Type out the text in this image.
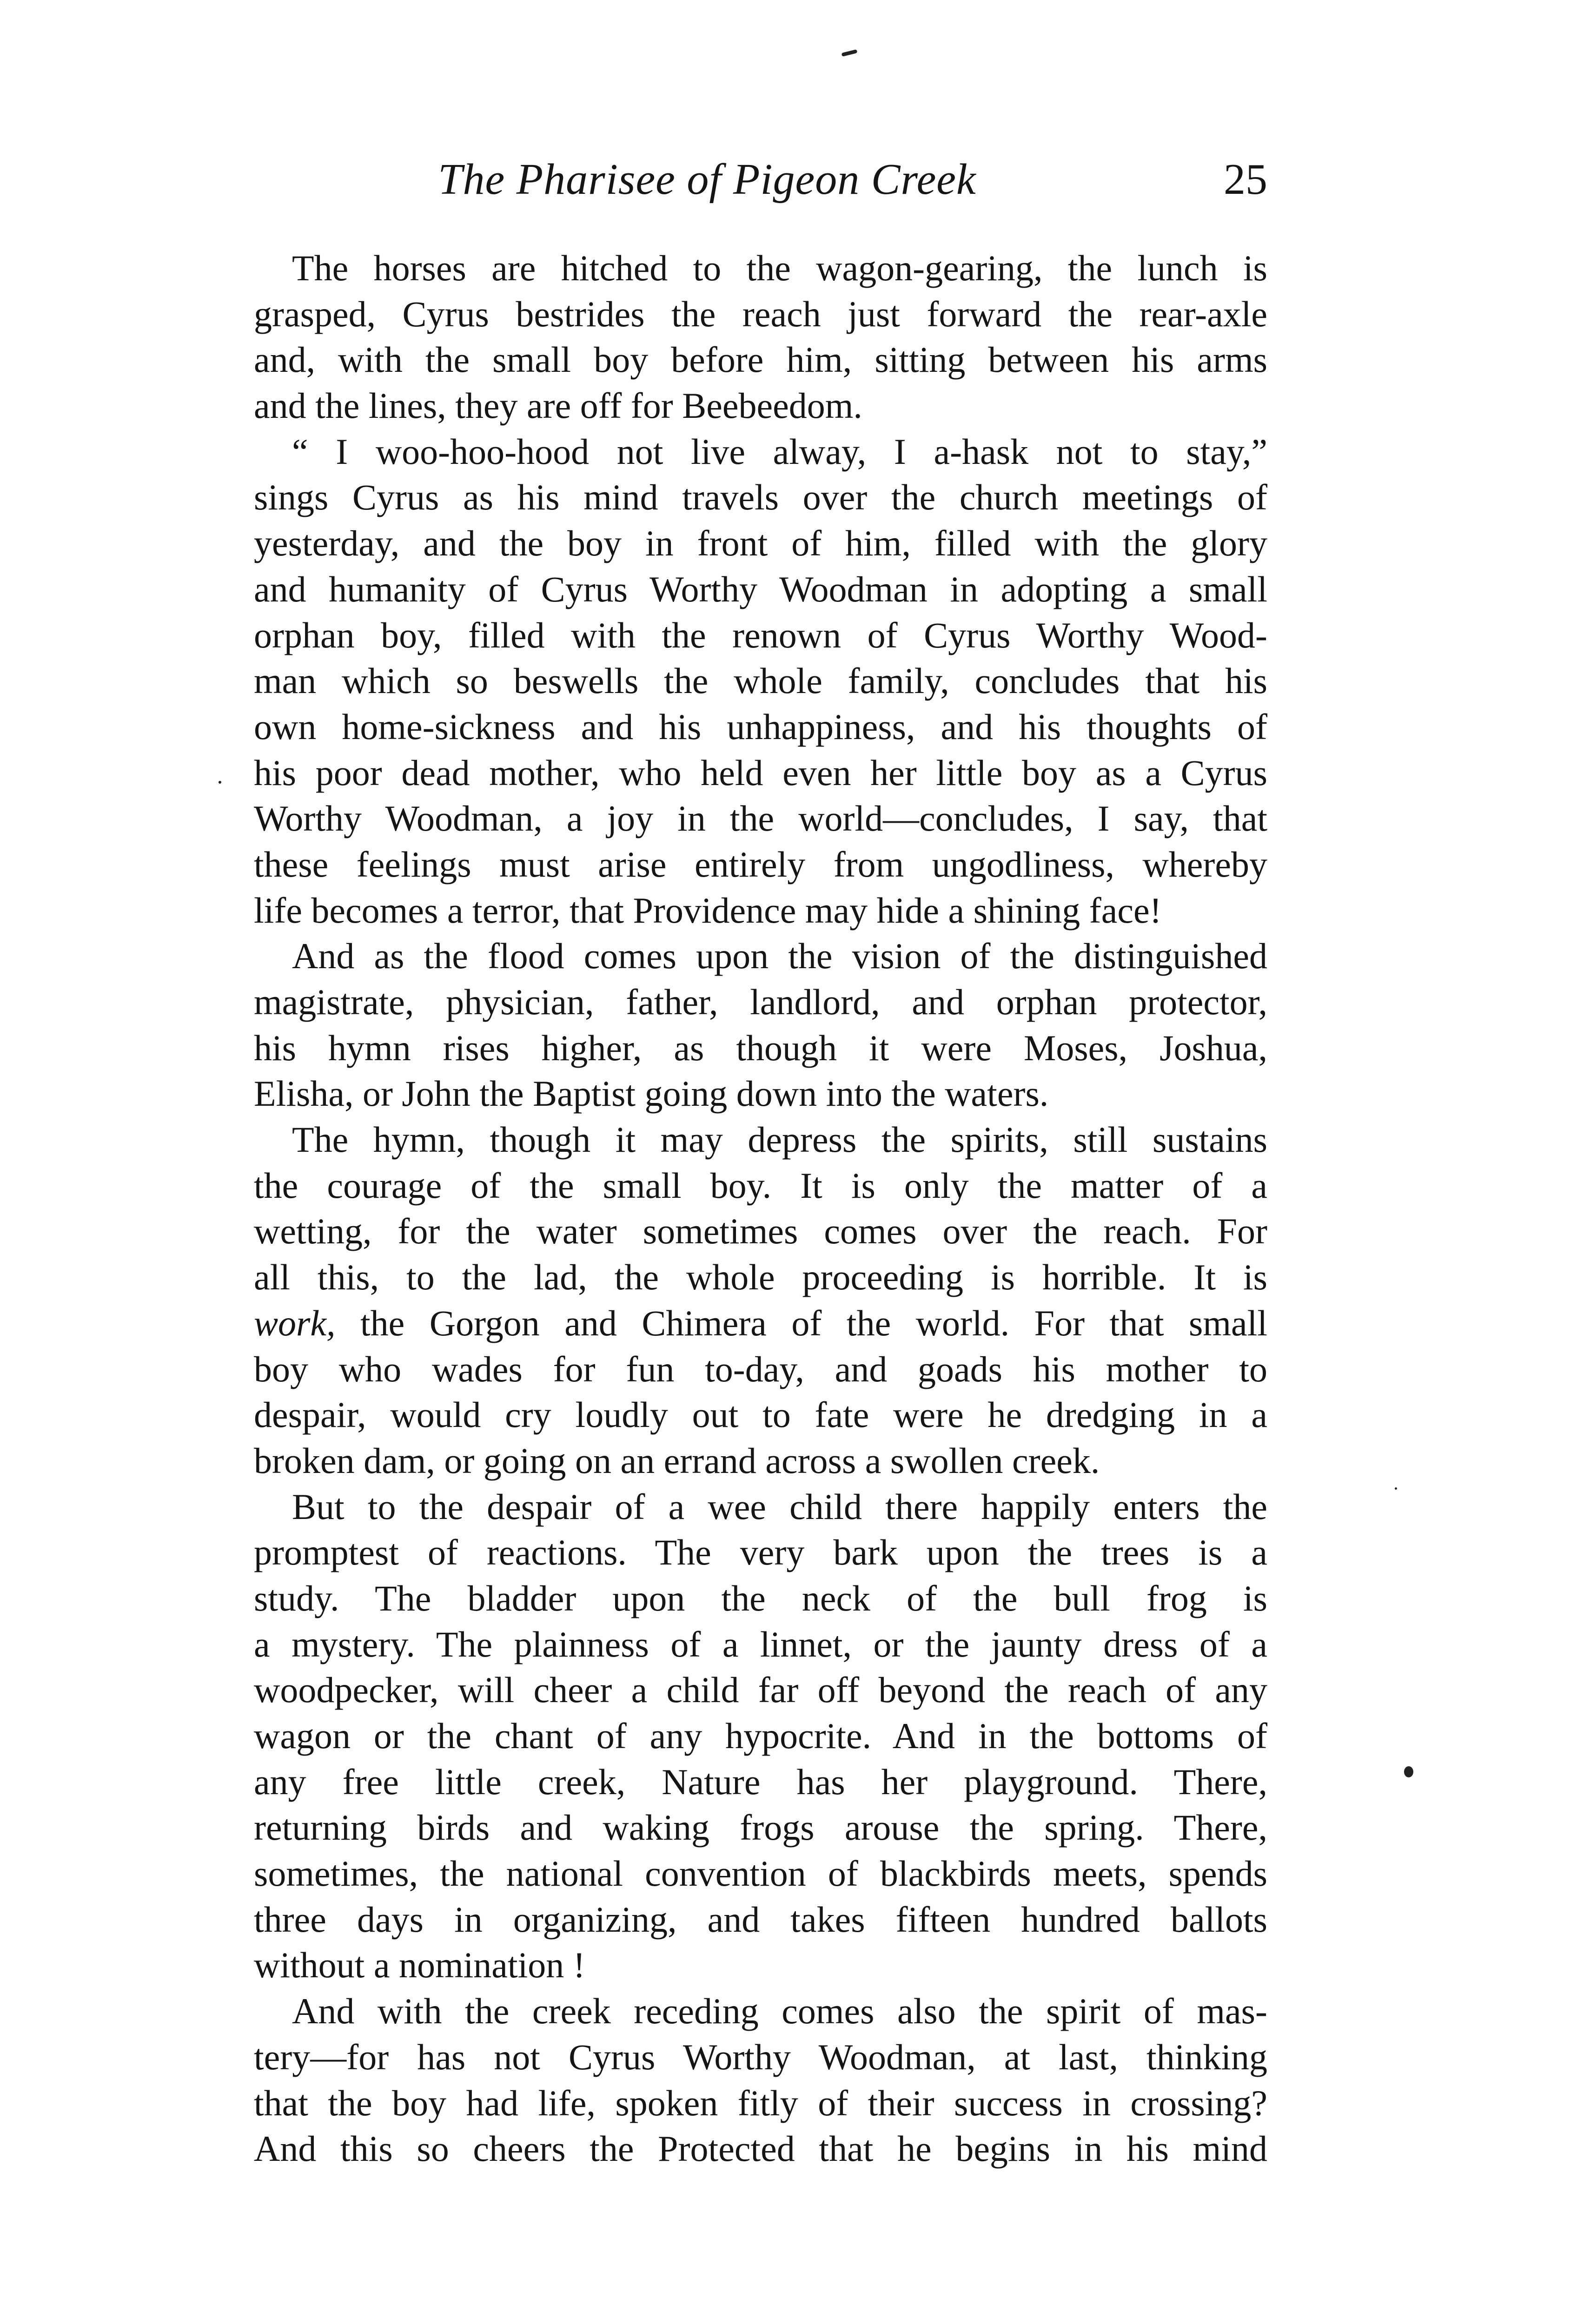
The Pharisee of Pigeon Creek	25

The horses are hitched to the wagon-gearing, the lunch is
grasped, Cyrus bestrides the reach just forward the rear-axle
and, with the small boy before him, sitting between his arms
and the lines, they are off for Beebeedom.

“ I woo-hoo-hood not live alway, I a-hask not to stay,”
sings Cyrus as his mind travels over the church meetings of
yesterday, and the boy in front of him, filled with the glory
and humanity of Cyrus Worthy Woodman in adopting a small
orphan boy, filled with the renown of Cyrus Worthy Wood-
man which so beswells the whole family, concludes that his
own home-sickness and his unhappiness, and his thoughts of
his poor dead mother, who held even her little boy as a Cyrus
Worthy Woodman, a joy in the world—concludes, I say, that
these feelings must arise entirely from ungodliness, whereby
life becomes a terror, that Providence may hide a shining face!

And as the flood comes upon the vision of the distinguished
magistrate, physician, father, landlord, and orphan protector,
his hymn rises higher, as though it were Moses, Joshua,
Elisha, or John the Baptist going down into the waters.

The hymn, though it may depress the spirits, still sustains
the courage of the small boy. It is only the matter of a
wetting, for the water sometimes comes over the reach. For
all this, to the lad, the whole proceeding is horrible. It is
work, the Gorgon and Chimera of the world. For that small
boy who wades for fun to-day, and goads his mother to
despair, would cry loudly out to fate were he dredging in a
broken dam, or going on an errand across a swollen creek.

But to the despair of a wee child there happily enters the
promptest of reactions. The very bark upon the trees is a
study. The bladder upon the neck of the bull frog is
a mystery. The plainness of a linnet, or the jaunty dress of a
woodpecker, will cheer a child far off beyond the reach of any
wagon or the chant of any hypocrite. And in the bottoms of
any free little creek, Nature has her playground. There,
returning birds and waking frogs arouse the spring. There,
sometimes, the national convention of blackbirds meets, spends
three days in organizing, and takes fifteen hundred ballots
without a nomination !

And with the creek receding comes also the spirit of mas-
tery—for has not Cyrus Worthy Woodman, at last, thinking
that the boy had life, spoken fitly of their success in crossing?
And this so cheers the Protected that he begins in his mind
